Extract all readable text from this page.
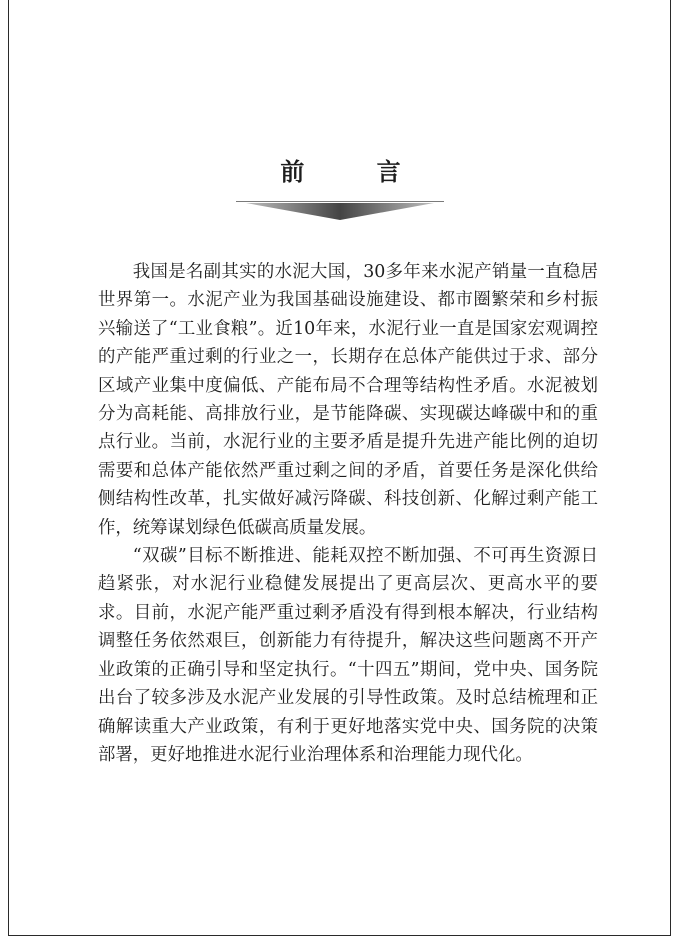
前 言

我国是名副其实的水泥大国，30多年来水泥产销量一直稳居世界第一。水泥产业为我国基础设施建设、都市圈繁荣和乡村振兴输送了“工业食粮”。近10年来，水泥行业一直是国家宏观调控的产能严重过剩的行业之一，长期存在总体产能供过于求、部分区域产业集中度偏低、产能布局不合理等结构性矛盾。水泥被划分为高耗能、高排放行业，是节能降碳、实现碳达峰碳中和的重点行业。当前，水泥行业的主要矛盾是提升先进产能比例的迫切需要和总体产能依然严重过剩之间的矛盾，首要任务是深化供给侧结构性改革，扎实做好减污降碳、科技创新、化解过剩产能工作，统筹谋划绿色低碳高质量发展。

“双碳”目标不断推进、能耗双控不断加强、不可再生资源日趋紧张，对水泥行业稳健发展提出了更高层次、更高水平的要求。目前，水泥产能严重过剩矛盾没有得到根本解决，行业结构调整任务依然艰巨，创新能力有待提升，解决这些问题离不开产业政策的正确引导和坚定执行。“十四五”期间，党中央、国务院出台了较多涉及水泥产业发展的引导性政策。及时总结梳理和正确解读重大产业政策，有利于更好地落实党中央、国务院的决策部署，更好地推进水泥行业治理体系和治理能力现代化。
